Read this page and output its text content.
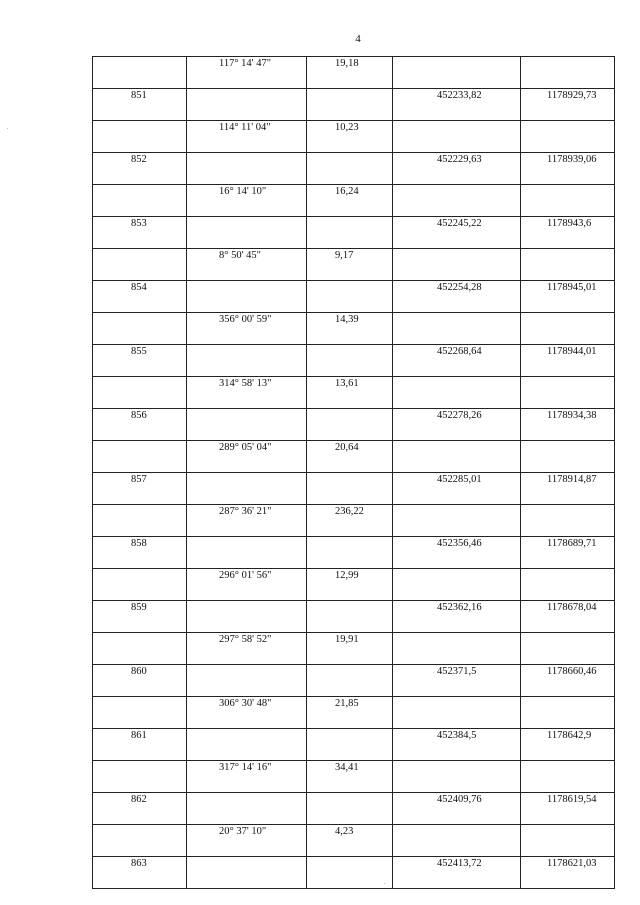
4
	117° 14' 47"	19,18		
851			452233,82	1178929,73
	114° 11' 04"	10,23		
852			452229,63	1178939,06
	16° 14' 10"	16,24		
853			452245,22	1178943,6
	8° 50' 45"	9,17		
854			452254,28	1178945,01
	356° 00' 59"	14,39		
855			452268,64	1178944,01
	314° 58' 13"	13,61		
856			452278,26	1178934,38
	289° 05' 04"	20,64		
857			452285,01	1178914,87
	287° 36' 21"	236,22		
858			452356,46	1178689,71
	296° 01' 56"	12,99		
859			452362,16	1178678,04
	297° 58' 52"	19,91		
860			452371,5	1178660,46
	306° 30' 48"	21,85		
861			452384,5	1178642,9
	317° 14' 16"	34,41		
862			452409,76	1178619,54
	20° 37' 10"	4,23		
863			452413,72	1178621,03
